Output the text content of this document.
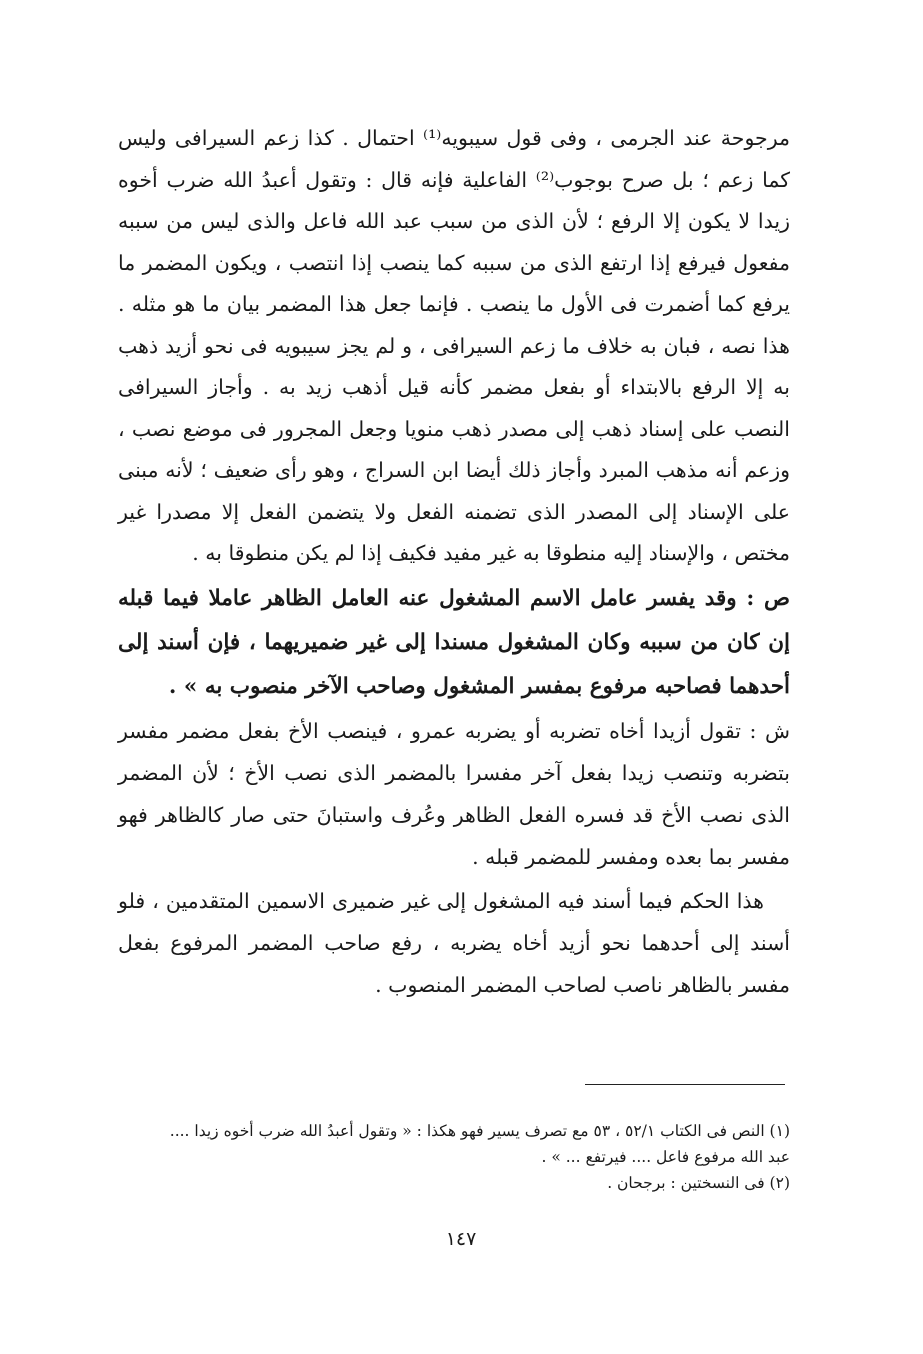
مرجوحة عند الجرمى ، وفى قول سيبويه⁽¹⁾ احتمال . كذا زعم السيرافى وليس كما زعم ؛ بل صرح بوجوب⁽²⁾ الفاعلية فإنه قال : وتقول أعبدُ الله ضرب أخوه زيدا لا يكون إلا الرفع ؛ لأن الذى من سبب عبد الله فاعل والذى ليس من سببه مفعول فيرفع إذا ارتفع الذى من سببه كما ينصب إذا انتصب ، ويكون المضمر ما يرفع كما أضمرت فى الأول ما ينصب . فإنما جعل هذا المضمر بيان ما هو مثله . هذا نصه ، فبان به خلاف ما زعم السيرافى ، و لم يجز سيبويه فى نحو أزيد ذهب به إلا الرفع بالابتداء أو بفعل مضمر كأنه قيل أذهب زيد به . وأجاز السيرافى النصب على إسناد ذهب إلى مصدر ذهب منويا وجعل المجرور فى موضع نصب ، وزعم أنه مذهب المبرد وأجاز ذلك أيضا ابن السراج ، وهو رأى ضعيف ؛ لأنه مبنى على الإسناد إلى المصدر الذى تضمنه الفعل ولا يتضمن الفعل إلا مصدرا غير مختص ، والإسناد إليه منطوقا به غير مفيد فكيف إذا لم يكن منطوقا به .

ص : وقد يفسر عامل الاسم المشغول عنه العامل الظاهر عاملا فيما قبله إن كان من سببه وكان المشغول مسندا إلى غير ضميريهما ، فإن أسند إلى أحدهما فصاحبه مرفوع بمفسر المشغول وصاحب الآخر منصوب به » .

ش : تقول أزيدا أخاه تضربه أو يضربه عمرو ، فينصب الأخ بفعل مضمر مفسر بتضربه وتنصب زيدا بفعل آخر مفسرا بالمضمر الذى نصب الأخ ؛ لأن المضمر الذى نصب الأخ قد فسره الفعل الظاهر وعُرف واستبانَ حتى صار كالظاهر فهو مفسر بما بعده ومفسر للمضمر قبله .

هذا الحكم فيما أسند فيه المشغول إلى غير ضميرى الاسمين المتقدمين ، فلو أسند إلى أحدهما نحو أزيد أخاه يضربه ، رفع صاحب المضمر المرفوع بفعل مفسر بالظاهر ناصب لصاحب المضمر المنصوب .

(١) النص فى الكتاب ٥٢/١ ، ٥٣ مع تصرف يسير فهو هكذا : « وتقول أعبدُ الله ضرب أخوه زيدا ....
عبد الله مرفوع فاعل .... فيرتفع ... » .
(٢) فى النسختين : برجحان .
١٤٧
